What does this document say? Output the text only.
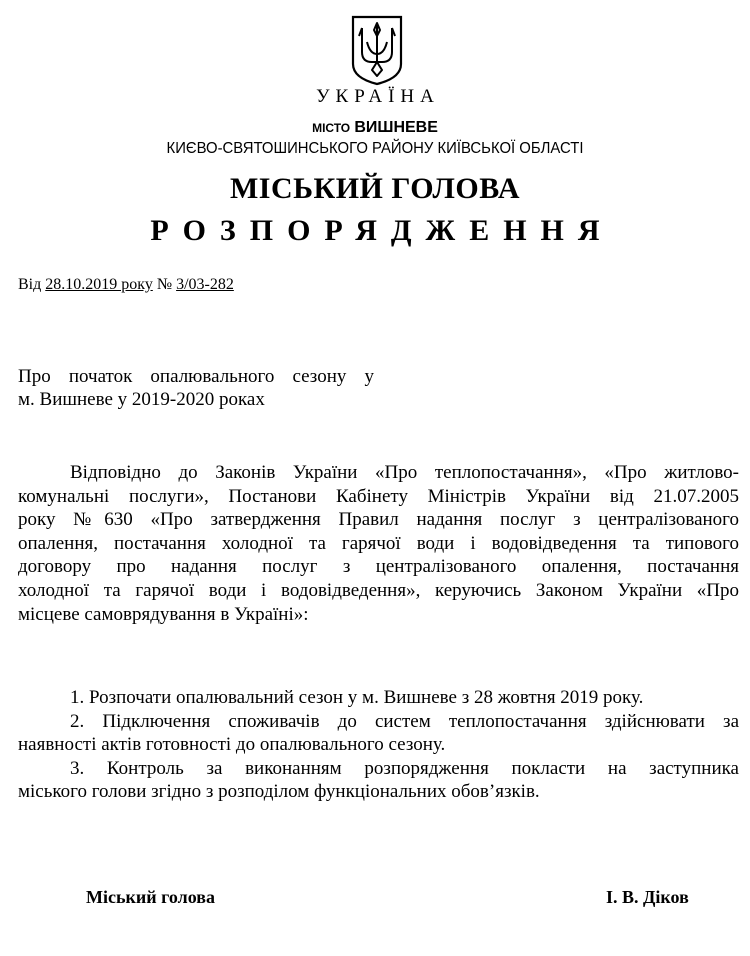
УКРАЇНА
МІСТО ВИШНЕВЕ
КИЄВО-СВЯТОШИНСЬКОГО РАЙОНУ КИЇВСЬКОЇ ОБЛАСТІ
МІСЬКИЙ ГОЛОВА
РОЗПОРЯДЖЕННЯ
Від 28.10.2019 року № 3/03-282
Про початок опалювального сезону у
м. Вишневе у 2019-2020 роках
Відповідно до Законів України «Про теплопостачання», «Про житлово-
комунальні послуги», Постанови Кабінету Міністрів України від 21.07.2005
року №630 «Про затвердження Правил надання послуг з централізованого
опалення, постачання холодної та гарячої води і водовідведення та типового
договору про надання послуг з централізованого опалення, постачання
холодної та гарячої води і водовідведення», керуючись Законом України «Про
місцеве самоврядування в Україні»:
1. Розпочати опалювальний сезон у м. Вишневе з 28 жовтня 2019 року.
2. Підключення споживачів до систем теплопостачання здійснювати за
наявності актів готовності до опалювального сезону.
3. Контроль за виконанням розпорядження покласти на заступника
міського голови згідно з розподілом функціональних обов’язків.
Міський голова	І. В. Діков
